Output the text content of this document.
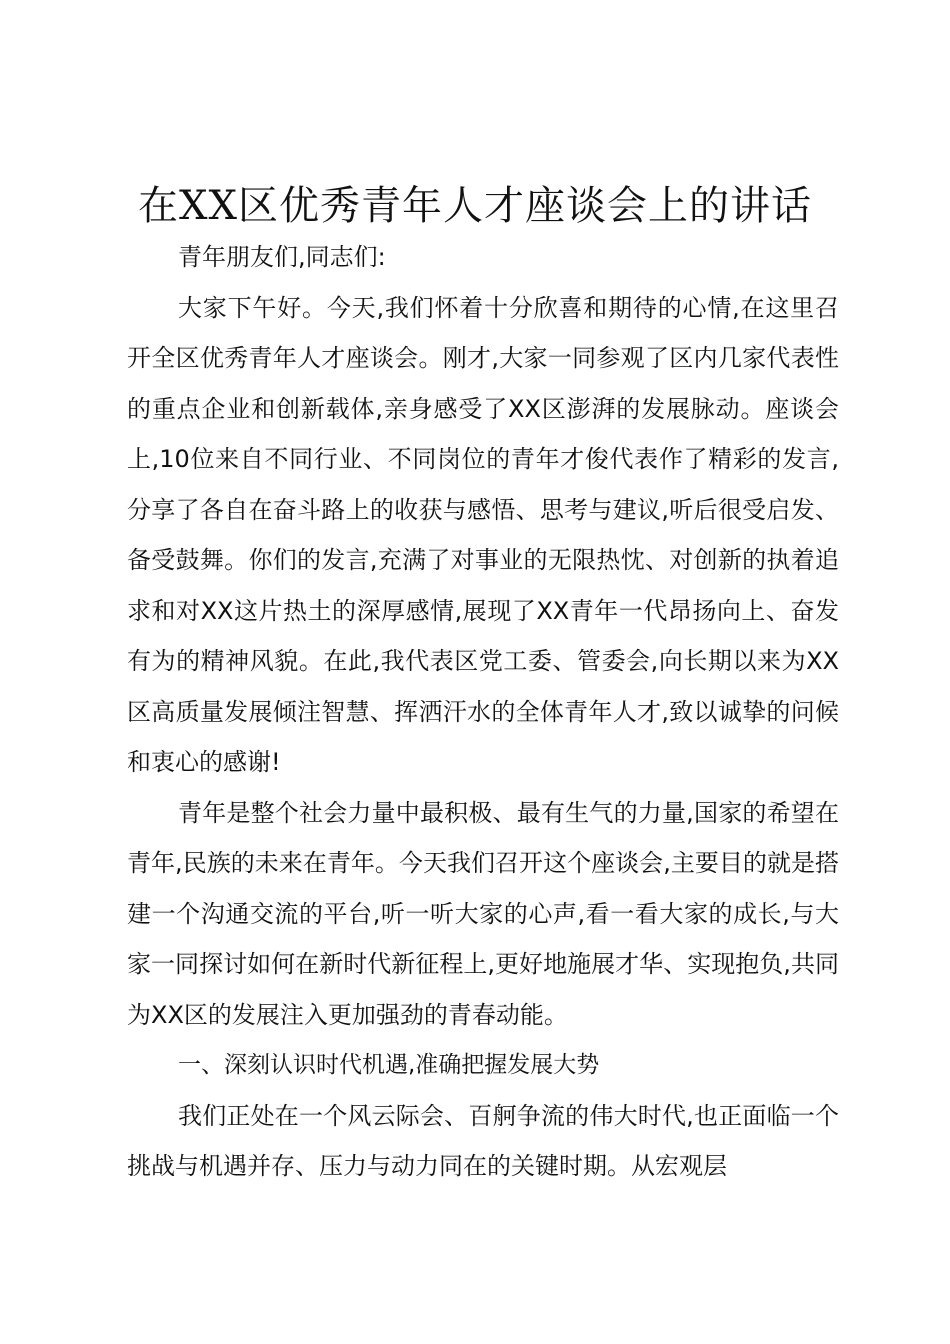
在XX区优秀青年人才座谈会上的讲话

青年朋友们,同志们:

大家下午好。今天,我们怀着十分欣喜和期待的心情,在这里召开全区优秀青年人才座谈会。刚才,大家一同参观了区内几家代表性的重点企业和创新载体,亲身感受了XX区澎湃的发展脉动。座谈会上,10位来自不同行业、不同岗位的青年才俊代表作了精彩的发言,分享了各自在奋斗路上的收获与感悟、思考与建议,听后很受启发、备受鼓舞。你们的发言,充满了对事业的无限热忱、对创新的执着追求和对XX这片热土的深厚感情,展现了XX青年一代昂扬向上、奋发有为的精神风貌。在此,我代表区党工委、管委会,向长期以来为XX区高质量发展倾注智慧、挥洒汗水的全体青年人才,致以诚挚的问候和衷心的感谢!

青年是整个社会力量中最积极、最有生气的力量,国家的希望在青年,民族的未来在青年。今天我们召开这个座谈会,主要目的就是搭建一个沟通交流的平台,听一听大家的心声,看一看大家的成长,与大家一同探讨如何在新时代新征程上,更好地施展才华、实现抱负,共同为XX区的发展注入更加强劲的青春动能。

一、深刻认识时代机遇,准确把握发展大势

我们正处在一个风云际会、百舸争流的伟大时代,也正面临一个挑战与机遇并存、压力与动力同在的关键时期。从宏观层
